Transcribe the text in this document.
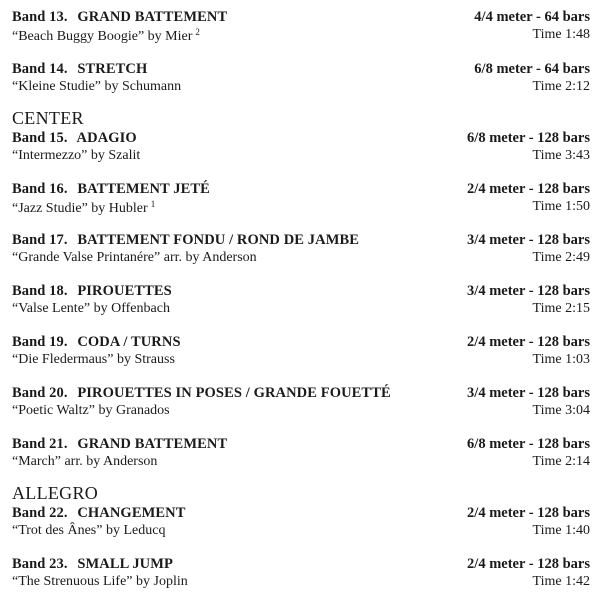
Band 13. GRAND BATTEMENT
“Beach Buggy Boogie” by Mier $^2$
4/4 meter - 64 bars
Time 1:48
Band 14. STRETCH
“Kleine Studie” by Schumann
6/8 meter - 64 bars
Time 2:12
CENTER
Band 15. ADAGIO
“Intermezzo” by Szalit
6/8 meter - 128 bars
Time 3:43
Band 16. BATTEMENT JETÉ
“Jazz Studie” by Hubler $^1$
2/4 meter - 128 bars
Time 1:50
Band 17. BATTEMENT FONDU / ROND DE JAMBE
“Grande Valse Printanére” arr. by Anderson
3/4 meter - 128 bars
Time 2:49
Band 18. PIROUETTES
“Valse Lente” by Offenbach
3/4 meter - 128 bars
Time 2:15
Band 19. CODA / TURNS
“Die Fledermaus” by Strauss
2/4 meter - 128 bars
Time 1:03
Band 20. PIROUETTES IN POSES / GRANDE FOUETTÉ
“Poetic Waltz” by Granados
3/4 meter - 128 bars
Time 3:04
Band 21. GRAND BATTEMENT
“March” arr. by Anderson
6/8 meter - 128 bars
Time 2:14
ALLEGRO
Band 22. CHANGEMENT
“Trot des Ânes” by Leducq
2/4 meter - 128 bars
Time 1:40
Band 23. SMALL JUMP
“The Strenuous Life” by Joplin
2/4 meter - 128 bars
Time 1:42
